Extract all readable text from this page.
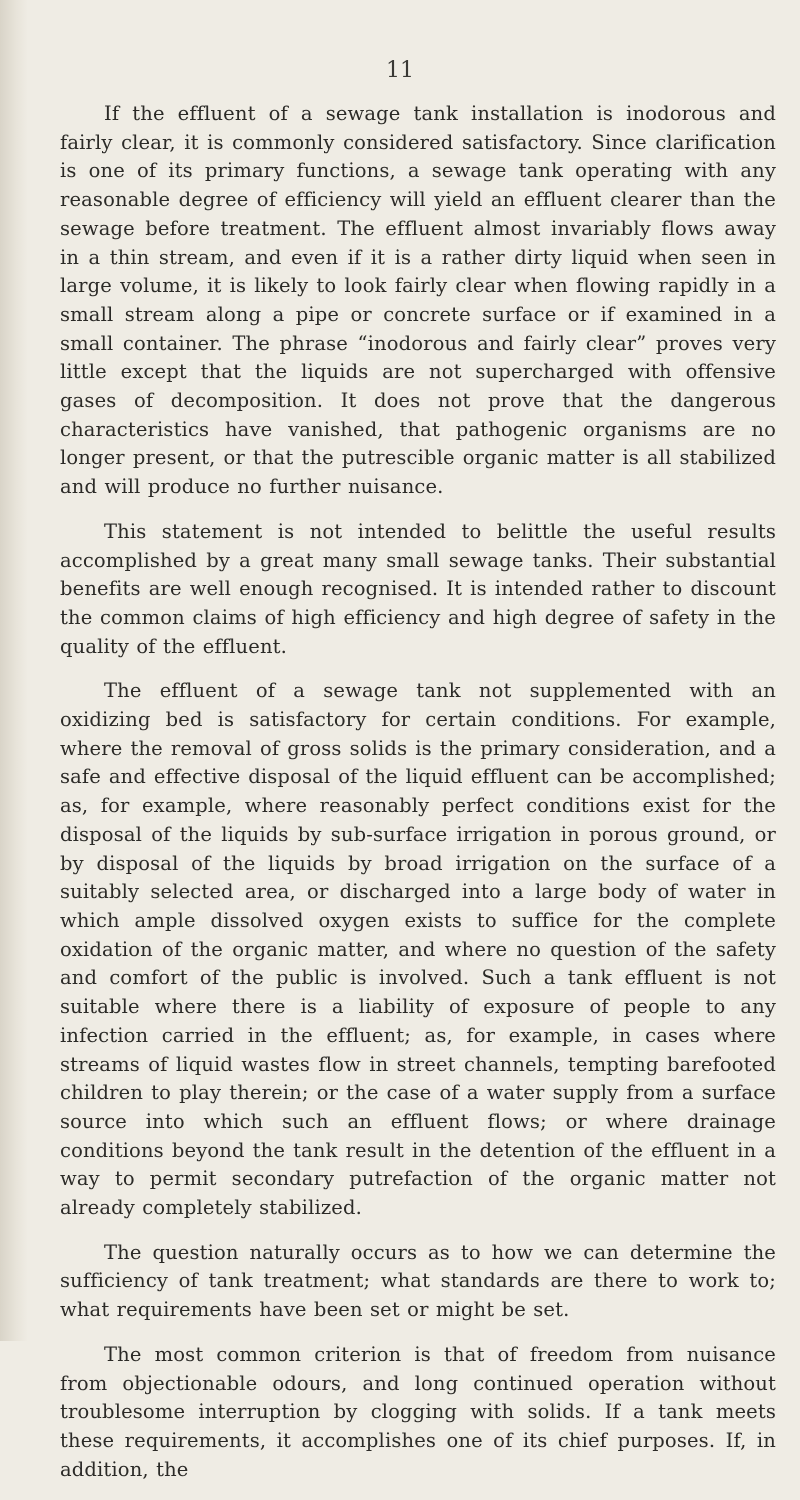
11

If the effluent of a sewage tank installation is inodorous and fairly clear, it is commonly considered satisfactory. Since clarification is one of its primary functions, a sewage tank operating with any reasonable degree of efficiency will yield an effluent clearer than the sewage before treatment. The effluent almost invariably flows away in a thin stream, and even if it is a rather dirty liquid when seen in large volume, it is likely to look fairly clear when flowing rapidly in a small stream along a pipe or concrete surface or if examined in a small container. The phrase “inodorous and fairly clear” proves very little except that the liquids are not supercharged with offensive gases of decomposition. It does not prove that the dangerous characteristics have vanished, that pathogenic organisms are no longer present, or that the putrescible organic matter is all stabilized and will produce no further nuisance.

This statement is not intended to belittle the useful results accomplished by a great many small sewage tanks. Their substantial benefits are well enough recognised. It is intended rather to discount the common claims of high efficiency and high degree of safety in the quality of the effluent.

The effluent of a sewage tank not supplemented with an oxidizing bed is satisfactory for certain conditions. For example, where the removal of gross solids is the primary consideration, and a safe and effective disposal of the liquid effluent can be accomplished; as, for example, where reasonably perfect conditions exist for the disposal of the liquids by sub-surface irrigation in porous ground, or by disposal of the liquids by broad irrigation on the surface of a suitably selected area, or discharged into a large body of water in which ample dissolved oxygen exists to suffice for the complete oxidation of the organic matter, and where no question of the safety and comfort of the public is involved. Such a tank effluent is not suitable where there is a liability of exposure of people to any infection carried in the effluent; as, for example, in cases where streams of liquid wastes flow in street channels, tempting barefooted children to play therein; or the case of a water supply from a surface source into which such an effluent flows; or where drainage conditions beyond the tank result in the detention of the effluent in a way to permit secondary putrefaction of the organic matter not already completely stabilized.

The question naturally occurs as to how we can determine the sufficiency of tank treatment; what standards are there to work to; what requirements have been set or might be set.

The most common criterion is that of freedom from nuisance from objectionable odours, and long continued operation without troublesome interruption by clogging with solids. If a tank meets these requirements, it accomplishes one of its chief purposes. If, in addition, the
